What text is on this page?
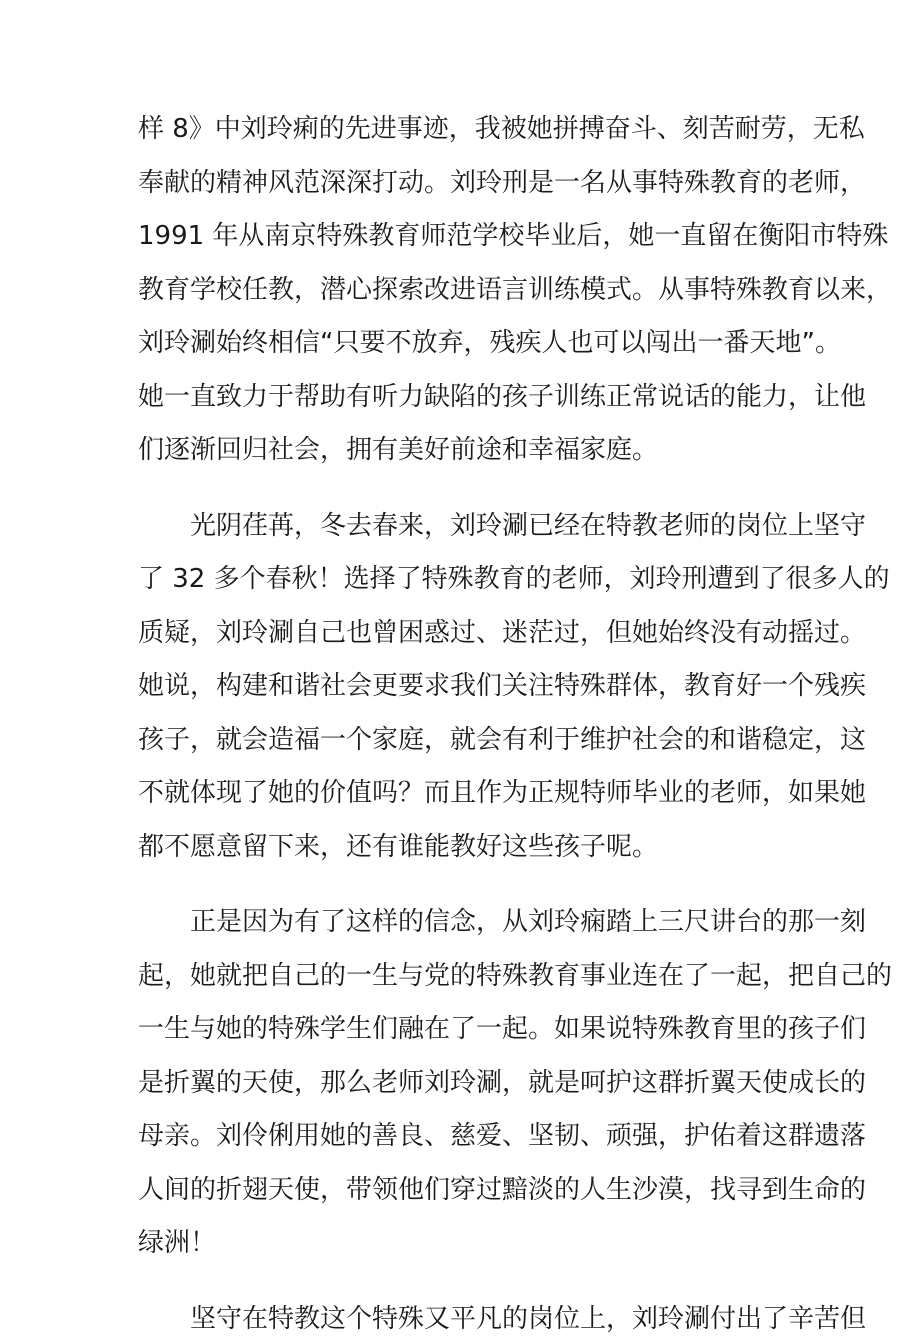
样 8》中刘玲痢的先进事迹，我被她拼搏奋斗、刻苦耐劳，无私
奉献的精神风范深深打动。刘玲刑是一名从事特殊教育的老师，
1991 年从南京特殊教育师范学校毕业后，她一直留在衡阳市特殊
教育学校任教，潜心探索改进语言训练模式。从事特殊教育以来，
刘玲涮始终相信“只要不放弃，残疾人也可以闯出一番天地”。
她一直致力于帮助有听力缺陷的孩子训练正常说话的能力，让他
们逐渐回归社会，拥有美好前途和幸福家庭。
光阴荏苒，冬去春来，刘玲涮已经在特教老师的岗位上坚守
了 32 多个春秋！选择了特殊教育的老师，刘玲刑遭到了很多人的
质疑，刘玲涮自己也曾困惑过、迷茫过，但她始终没有动摇过。
她说，构建和谐社会更要求我们关注特殊群体，教育好一个残疾
孩子，就会造福一个家庭，就会有利于维护社会的和谐稳定，这
不就体现了她的价值吗？而且作为正规特师毕业的老师，如果她
都不愿意留下来，还有谁能教好这些孩子呢。
正是因为有了这样的信念，从刘玲痫踏上三尺讲台的那一刻
起，她就把自己的一生与党的特殊教育事业连在了一起，把自己的
一生与她的特殊学生们融在了一起。如果说特殊教育里的孩子们
是折翼的天使，那么老师刘玲涮，就是呵护这群折翼天使成长的
母亲。刘伶俐用她的善良、慈爱、坚韧、顽强，护佑着这群遗落
人间的折翅天使，带领他们穿过黯淡的人生沙漠，找寻到生命的
绿洲！
坚守在特教这个特殊又平凡的岗位上，刘玲涮付出了辛苦但
